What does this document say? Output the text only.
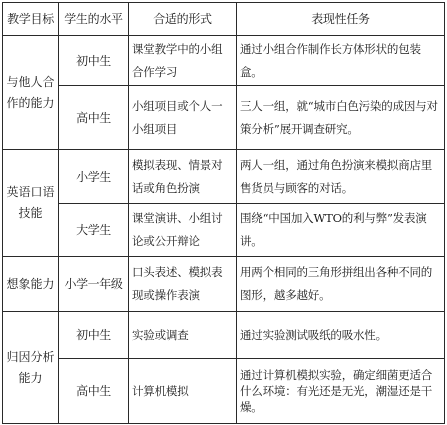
教学目标	学生的水平	合适的形式	表现性任务
与他人合作的能力	初中生	课堂教学中的小组合作学习	通过小组合作制作长方体形状的包装盒。
	高中生	小组项目或个人一小组项目	三人一组，就“城市白色污染的成因与对策分析”展开调查研究。
英语口语技能	小学生	模拟表现、情景对话或角色扮演	两人一组，通过角色扮演来模拟商店里售货员与顾客的对话。
	大学生	课堂演讲、小组讨论或公开辩论	围绕“中国加入WTO的利与弊”发表演讲。
想象能力	小学一年级	口头表述、模拟表现或操作表演	用两个相同的三角形拼组出各种不同的图形，越多越好。
归因分析能力	初中生	实验或调查	通过实验测试吸纸的吸水性。
	高中生	计算机模拟	通过计算机模拟实验，确定细菌更适合什么环境：有光还是无光，潮湿还是干燥。
